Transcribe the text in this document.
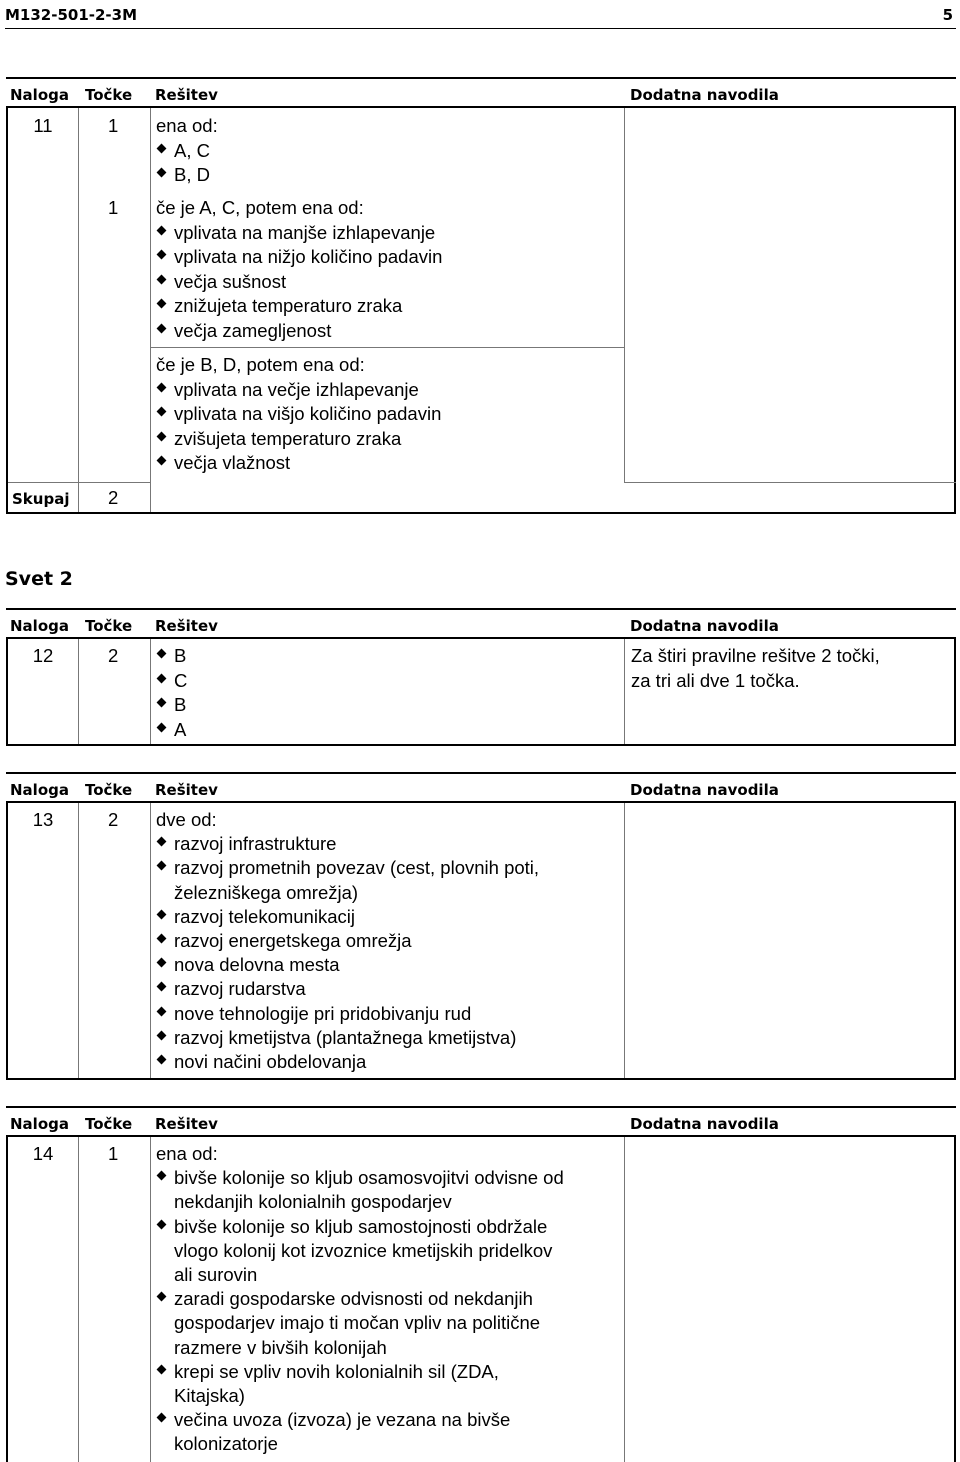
M132-501-2-3M	5
Naloga Točke Rešitev	Dodatna navodila
11	1 ena od:
A, C
B, D
1 če je A, C, potem ena od:
vplivata na manjše izhlapevanje
vplivata na nižjo količino padavin
večja sušnost
znižujeta temperaturo zraka
večja zamegljenost
če je B, D, potem ena od:
vplivata na večje izhlapevanje
vplivata na višjo količino padavin
zvišujeta temperaturo zraka
večja vlažnost
Skupaj 2
Svet 2
Naloga Točke Rešitev	Dodatna navodila
12	2	B
C
B
A
Za štiri pravilne rešitve 2 točki,
za tri ali dve 1 točka.
Naloga Točke Rešitev	Dodatna navodila
13	2 dve od:
razvoj infrastrukture
razvoj prometnih povezav (cest, plovnih poti,
železniškega omrežja)
razvoj telekomunikacij
razvoj energetskega omrežja
nova delovna mesta
razvoj rudarstva
nove tehnologije pri pridobivanju rud
razvoj kmetijstva (plantažnega kmetijstva)
novi načini obdelovanja
Naloga Točke Rešitev	Dodatna navodila
14	1 ena od:
bivše kolonije so kljub osamosvojitvi odvisne od
nekdanjih kolonialnih gospodarjev
bivše kolonije so kljub samostojnosti obdržale
vlogo kolonij kot izvoznice kmetijskih pridelkov
ali surovin
zaradi gospodarske odvisnosti od nekdanjih
gospodarjev imajo ti močan vpliv na politične
razmere v bivših kolonijah
krepi se vpliv novih kolonialnih sil (ZDA,
Kitajska)
večina uvoza (izvoza) je vezana na bivše
kolonizatorje
